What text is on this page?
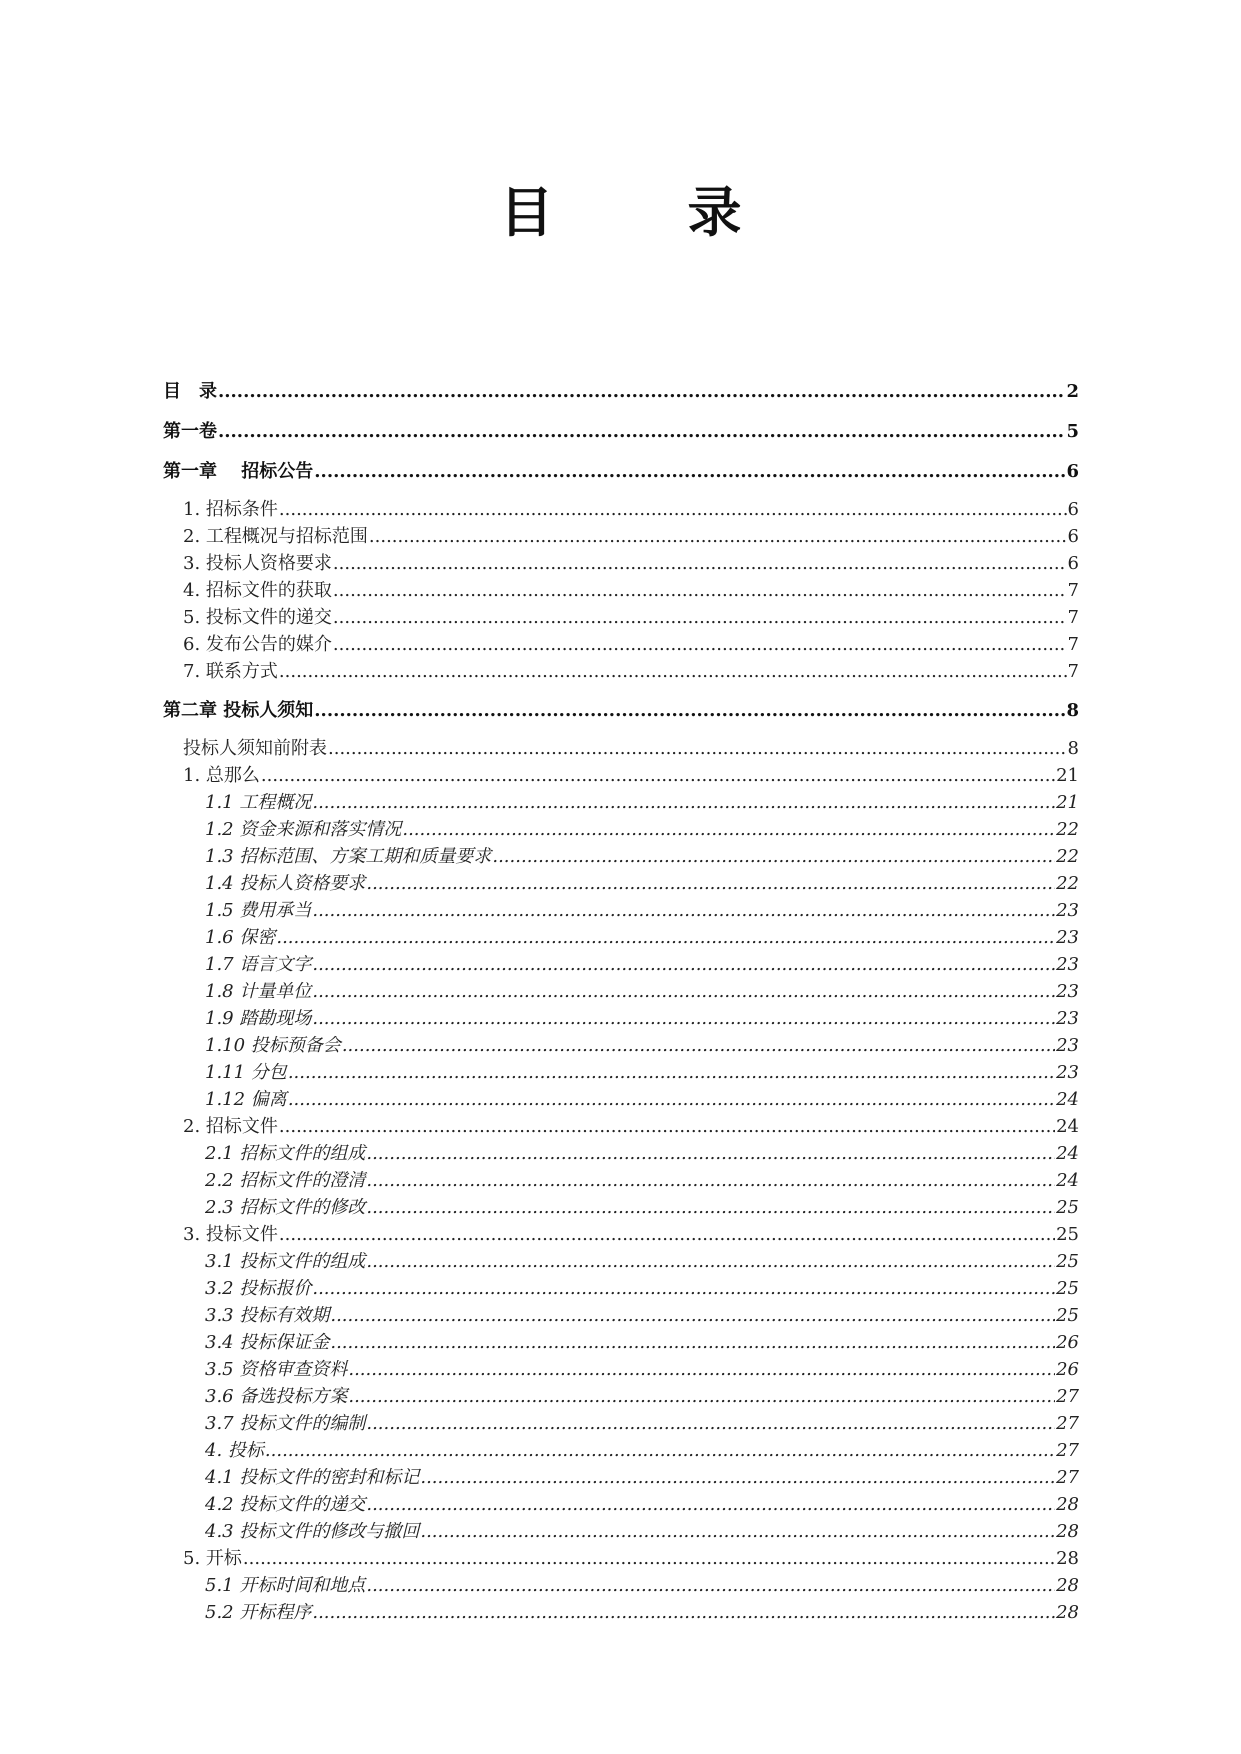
目　录
目　录 .....	2
第一卷 .....	5
第一章　 招标公告 .....	6
1. 招标条件 .....	6
2. 工程概况与招标范围 .....	6
3. 投标人资格要求 .....	6
4. 招标文件的获取 .....	7
5. 投标文件的递交 .....	7
6. 发布公告的媒介 .....	7
7. 联系方式 .....	7
第二章 投标人须知 .....	8
投标人须知前附表 .....	8
1. 总那么 .....	21
1.1 工程概况 .....	21
1.2 资金来源和落实情况 .....	22
1.3 招标范围、方案工期和质量要求 .....	22
1.4 投标人资格要求 .....	22
1.5 费用承当 .....	23
1.6 保密 .....	23
1.7 语言文字 .....	23
1.8 计量单位 .....	23
1.9 踏勘现场 .....	23
1.10 投标预备会 .....	23
1.11 分包 .....	23
1.12 偏离 .....	24
2. 招标文件 .....	24
2.1 招标文件的组成 .....	24
2.2 招标文件的澄清 .....	24
2.3 招标文件的修改 .....	25
3. 投标文件 .....	25
3.1 投标文件的组成 .....	25
3.2 投标报价 .....	25
3.3 投标有效期 .....	25
3.4 投标保证金 .....	26
3.5 资格审查资料 .....	26
3.6 备选投标方案 .....	27
3.7 投标文件的编制 .....	27
4. 投标 .....	27
4.1 投标文件的密封和标记 .....	27
4.2 投标文件的递交 .....	28
4.3 投标文件的修改与撤回 .....	28
5. 开标 .....	28
5.1 开标时间和地点 .....	28
5.2 开标程序 .....	28
